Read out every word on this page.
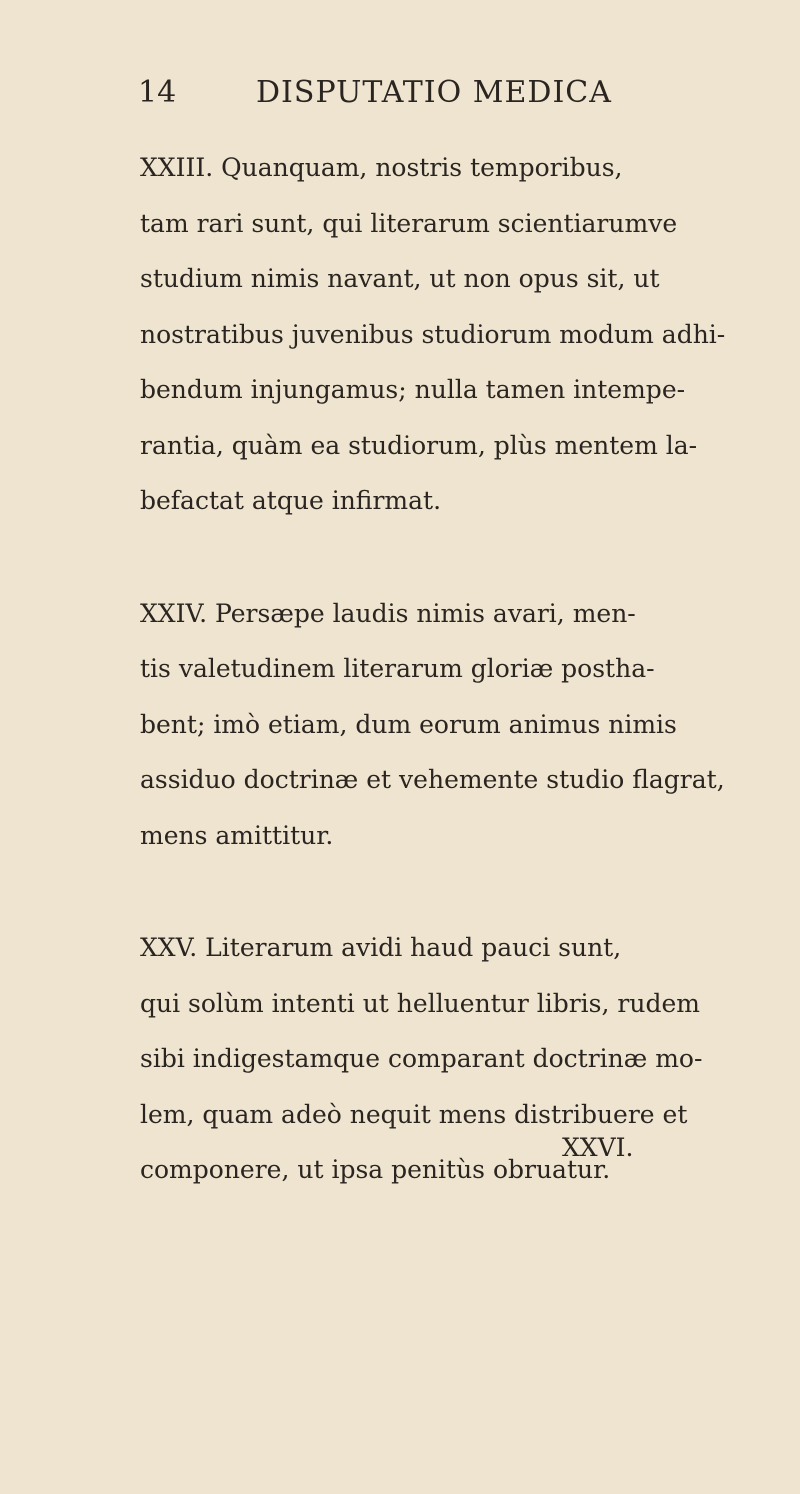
14	DISPUTATIO MEDICA
XXIII. Quanquam, nostris temporibus,
tam rari sunt, qui literarum scientiarumve
studium nimis navant, ut non opus sit, ut
nostratibus juvenibus studiorum modum adhi-
bendum injungamus; nulla tamen intempe-
rantia, quàm ea studiorum, plùs mentem la-
befactat atque infirmat.
XXIV. Persæpe laudis nimis avari, men-
tis valetudinem literarum gloriæ postha-
bent; imò etiam, dum eorum animus nimis
assiduo doctrinæ et vehemente studio flagrat,
mens amittitur.
XXV. Literarum avidi haud pauci sunt,
qui solùm intenti ut helluentur libris, rudem
sibi indigestamque comparant doctrinæ mo-
lem, quam adeò nequit mens distribuere et
componere, ut ipsa penitùs obruatur.
XXVI.
